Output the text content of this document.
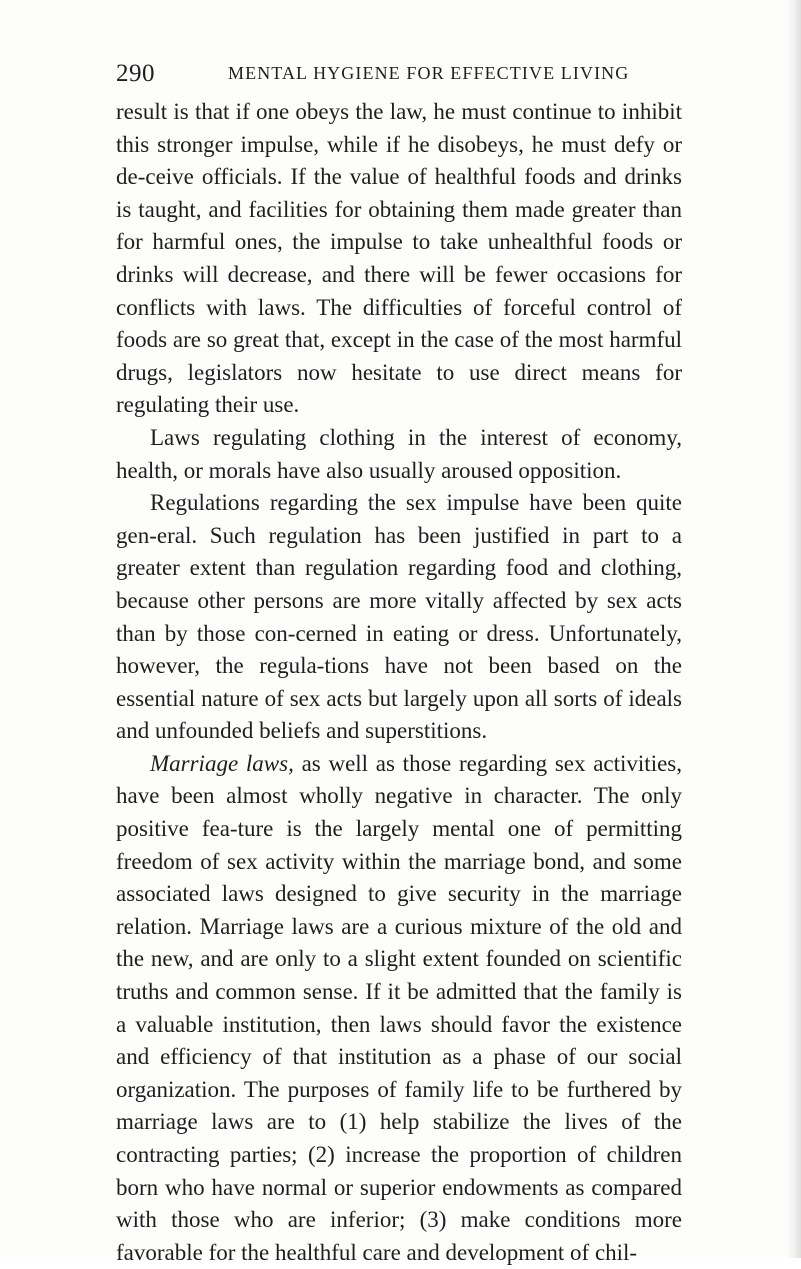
290	MENTAL HYGIENE FOR EFFECTIVE LIVING

result is that if one obeys the law, he must continue to inhibit this stronger impulse, while if he disobeys, he must defy or de-ceive officials. If the value of healthful foods and drinks is taught, and facilities for obtaining them made greater than for harmful ones, the impulse to take unhealthful foods or drinks will decrease, and there will be fewer occasions for conflicts with laws. The difficulties of forceful control of foods are so great that, except in the case of the most harmful drugs, legislators now hesitate to use direct means for regulating their use.

Laws regulating clothing in the interest of economy, health, or morals have also usually aroused opposition.

Regulations regarding the sex impulse have been quite gen-eral. Such regulation has been justified in part to a greater extent than regulation regarding food and clothing, because other persons are more vitally affected by sex acts than by those con-cerned in eating or dress. Unfortunately, however, the regula-tions have not been based on the essential nature of sex acts but largely upon all sorts of ideals and unfounded beliefs and superstitions.

Marriage laws, as well as those regarding sex activities, have been almost wholly negative in character. The only positive fea-ture is the largely mental one of permitting freedom of sex activity within the marriage bond, and some associated laws designed to give security in the marriage relation. Marriage laws are a curious mixture of the old and the new, and are only to a slight extent founded on scientific truths and common sense. If it be admitted that the family is a valuable institution, then laws should favor the existence and efficiency of that institution as a phase of our social organization. The purposes of family life to be furthered by marriage laws are to (1) help stabilize the lives of the contracting parties; (2) increase the proportion of children born who have normal or superior endowments as compared with those who are inferior; (3) make conditions more favorable for the healthful care and development of chil-
